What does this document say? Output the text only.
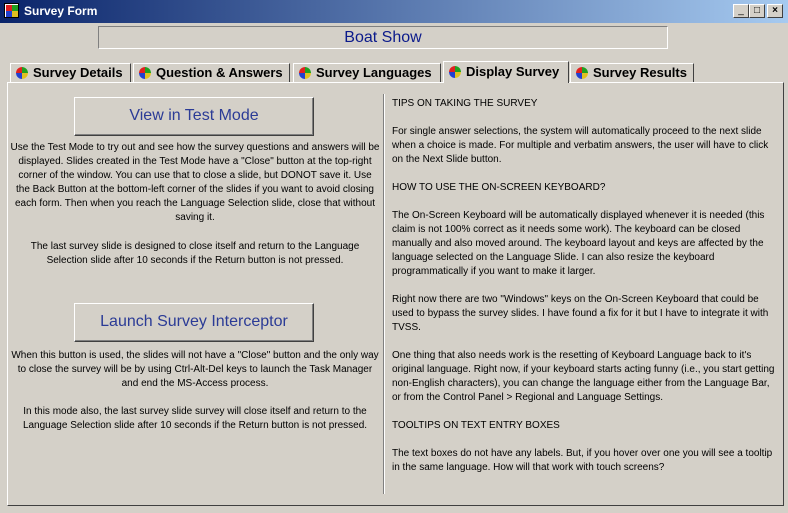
Survey Form	_	□	×
Boat Show
Survey Details	Question & Answers	Survey Languages	Display Survey	Survey Results
View in Test Mode
Use the Test Mode to try out and see how the survey questions and answers will be displayed. Slides created in the Test Mode have a "Close" button at the top-right corner of the window. You can use that to close a slide, but DONOT save it. Use the Back Button at the bottom-left corner of the slides if you want to avoid closing each form. Then when you reach the Language Selection slide, close that without saving it.
The last survey slide is designed to close itself and return to the Language Selection slide after 10 seconds if the Return button is not pressed.
Launch Survey Interceptor
When this button is used, the slides will not have a "Close" button and the only way to close the survey will be by using Ctrl-Alt-Del keys to launch the Task Manager and end the MS-Access process.
In this mode also, the last survey slide survey will close itself and return to the Language Selection slide after 10 seconds if the Return button is not pressed.

TIPS ON TAKING THE SURVEY

For single answer selections, the system will automatically proceed to the next slide when a choice is made. For multiple and verbatim answers, the user will have to click on the Next Slide button.

HOW TO USE THE ON-SCREEN KEYBOARD?

The On-Screen Keyboard will be automatically displayed whenever it is needed (this claim is not 100% correct as it needs some work). The keyboard can be closed manually and also moved around. The keyboard layout and keys are affected by the language selected on the Language Slide. I can also resize the keyboard programmatically if you want to make it larger.

Right now there are two "Windows" keys on the On-Screen Keyboard that could be used to bypass the survey slides. I have found a fix for it but I have to integrate it with TVSS.

One thing that also needs work is the resetting of Keyboard Language back to it's original language. Right now, if your keyboard starts acting funny (i.e., you start getting non-English characters), you can change the language either from the Language Bar, or from the Control Panel > Regional and Language Settings.

TOOLTIPS ON TEXT ENTRY BOXES

The text boxes do not have any labels. But, if you hover over one you will see a tooltip in the same language. How will that work with touch screens?
